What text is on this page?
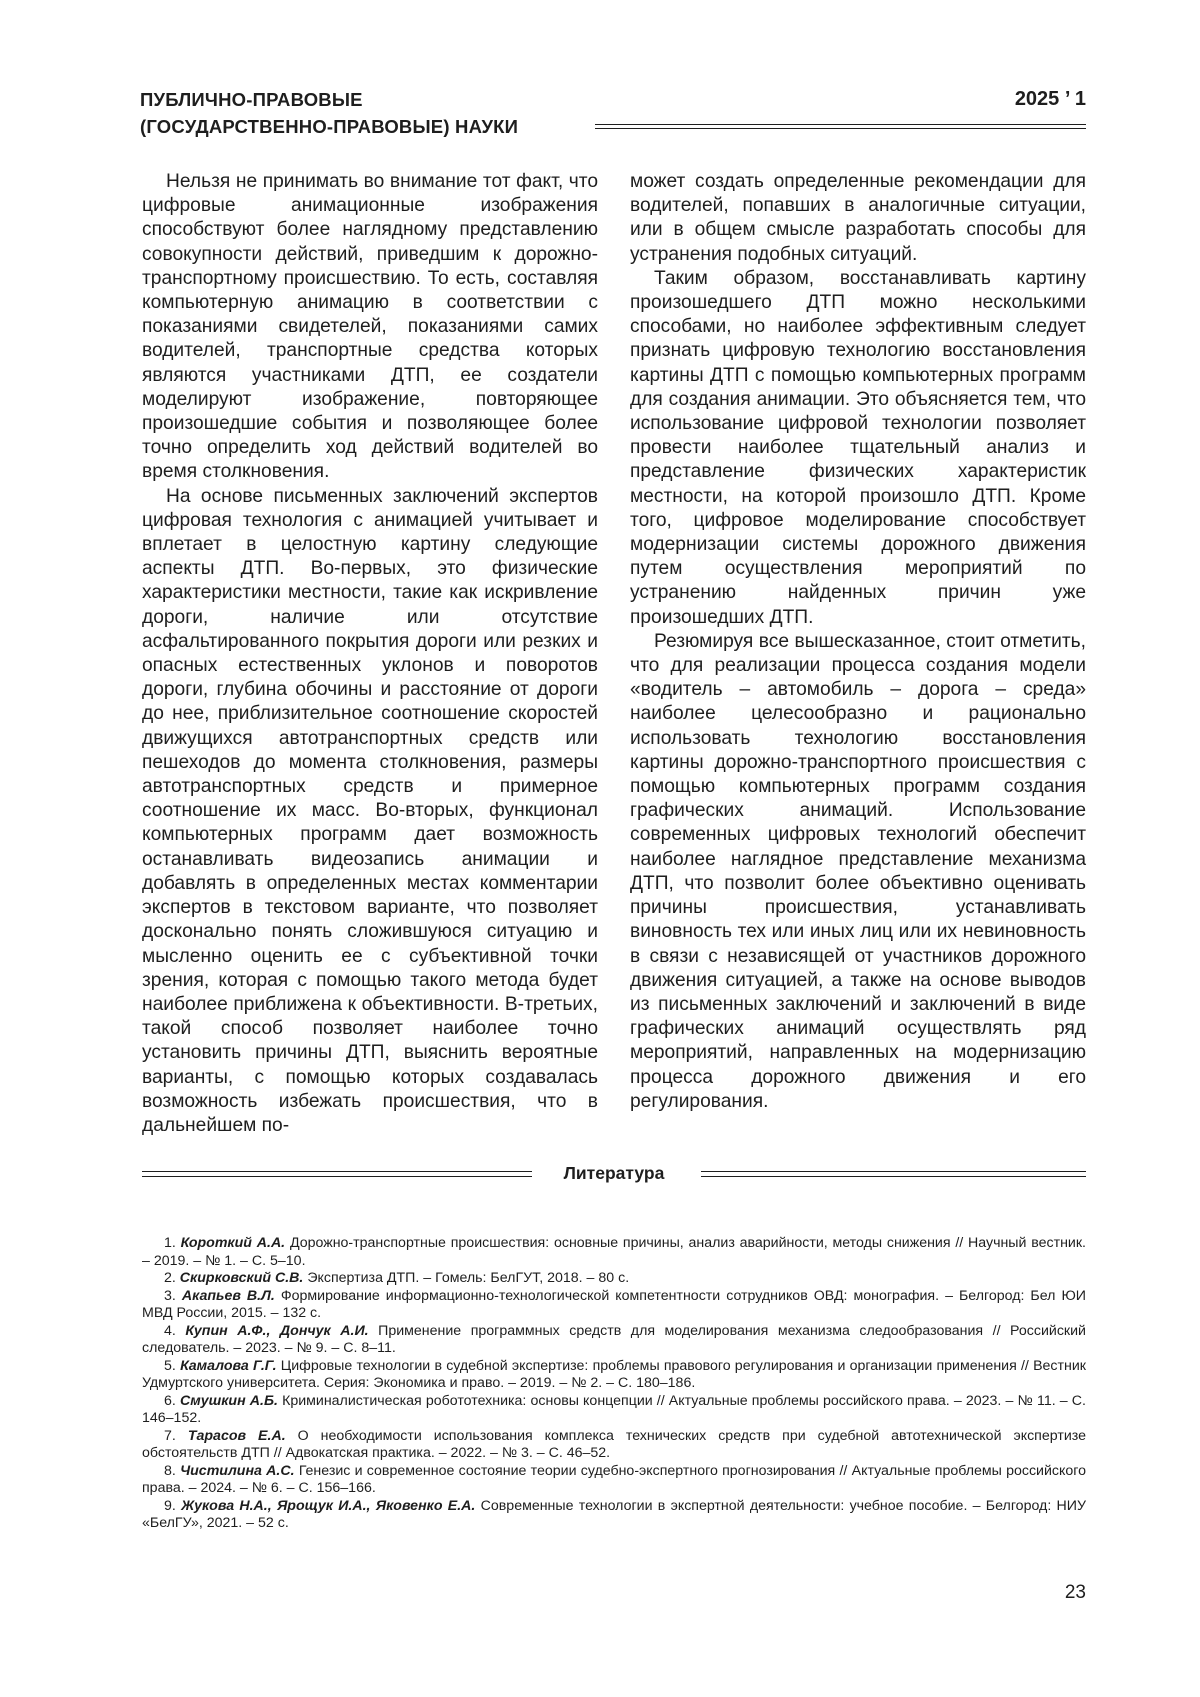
ПУБЛИЧНО-ПРАВОВЫЕ
(ГОСУДАРСТВЕННО-ПРАВОВЫЕ) НАУКИ
2025 ’ 1

Нельзя не принимать во внимание тот факт, что цифровые анимационные изображения способствуют более наглядному представлению совокупности действий, приведшим к дорожно-транспортному происшествию. То есть, составляя компьютерную анимацию в соответствии с показаниями свидетелей, показаниями самих водителей, транспортные средства которых являются участниками ДТП, ее создатели моделируют изображение, повторяющее произошедшие события и позволяющее более точно определить ход действий водителей во время столкновения.

На основе письменных заключений экспертов цифровая технология с анимацией учитывает и вплетает в целостную картину следующие аспекты ДТП. Во-первых, это физические характеристики местности, такие как искривление дороги, наличие или отсутствие асфальтированного покрытия дороги или резких и опасных естественных уклонов и поворотов дороги, глубина обочины и расстояние от дороги до нее, приблизительное соотношение скоростей движущихся автотранспортных средств или пешеходов до момента столкновения, размеры автотранспортных средств и примерное соотношение их масс. Во-вторых, функционал компьютерных программ дает возможность останавливать видеозапись анимации и добавлять в определенных местах комментарии экспертов в текстовом варианте, что позволяет досконально понять сложившуюся ситуацию и мысленно оценить ее с субъективной точки зрения, которая с помощью такого метода будет наиболее приближена к объективности. В-третьих, такой способ позволяет наиболее точно установить причины ДТП, выяснить вероятные варианты, с помощью которых создавалась возможность избежать происшествия, что в дальнейшем по-

может создать определенные рекомендации для водителей, попавших в аналогичные ситуации, или в общем смысле разработать способы для устранения подобных ситуаций.

Таким образом, восстанавливать картину произошедшего ДТП можно несколькими способами, но наиболее эффективным следует признать цифровую технологию восстановления картины ДТП с помощью компьютерных программ для создания анимации. Это объясняется тем, что использование цифровой технологии позволяет провести наиболее тщательный анализ и представление физических характеристик местности, на которой произошло ДТП. Кроме того, цифровое моделирование способствует модернизации системы дорожного движения путем осуществления мероприятий по устранению найденных причин уже произошедших ДТП.

Резюмируя все вышесказанное, стоит отметить, что для реализации процесса создания модели «водитель – автомобиль – дорога – среда» наиболее целесообразно и рационально использовать технологию восстановления картины дорожно-транспортного происшествия с помощью компьютерных программ создания графических анимаций. Использование современных цифровых технологий обеспечит наиболее наглядное представление механизма ДТП, что позволит более объективно оценивать причины происшествия, устанавливать виновность тех или иных лиц или их невиновность в связи с независящей от участников дорожного движения ситуацией, а также на основе выводов из письменных заключений и заключений в виде графических анимаций осуществлять ряд мероприятий, направленных на модернизацию процесса дорожного движения и его регулирования.

Литература
1. Короткий А.А. Дорожно-транспортные происшествия: основные причины, анализ аварийности, методы снижения // Научный вестник. – 2019. – № 1. – С. 5–10.
2. Скирковский С.В. Экспертиза ДТП. – Гомель: БелГУТ, 2018. – 80 с.
3. Акапьев В.Л. Формирование информационно-технологической компетентности сотрудников ОВД: монография. – Белгород: Бел ЮИ МВД России, 2015. – 132 с.
4. Купин А.Ф., Дончук А.И. Применение программных средств для моделирования механизма следообразования // Российский следователь. – 2023. – № 9. – С. 8–11.
5. Камалова Г.Г. Цифровые технологии в судебной экспертизе: проблемы правового регулирования и организации применения // Вестник Удмуртского университета. Серия: Экономика и право. – 2019. – № 2. – С. 180–186.
6. Смушкин А.Б. Криминалистическая робототехника: основы концепции // Актуальные проблемы российского права. – 2023. – № 11. – С. 146–152.
7. Тарасов Е.А. О необходимости использования комплекса технических средств при судебной автотехнической экспертизе обстоятельств ДТП // Адвокатская практика. – 2022. – № 3. – С. 46–52.
8. Чистилина А.С. Генезис и современное состояние теории судебно-экспертного прогнозирования // Актуальные проблемы российского права. – 2024. – № 6. – С. 156–166.
9. Жукова Н.А., Ярощук И.А., Яковенко Е.А. Современные технологии в экспертной деятельности: учебное пособие. – Белгород: НИУ «БелГУ», 2021. – 52 с.
23
